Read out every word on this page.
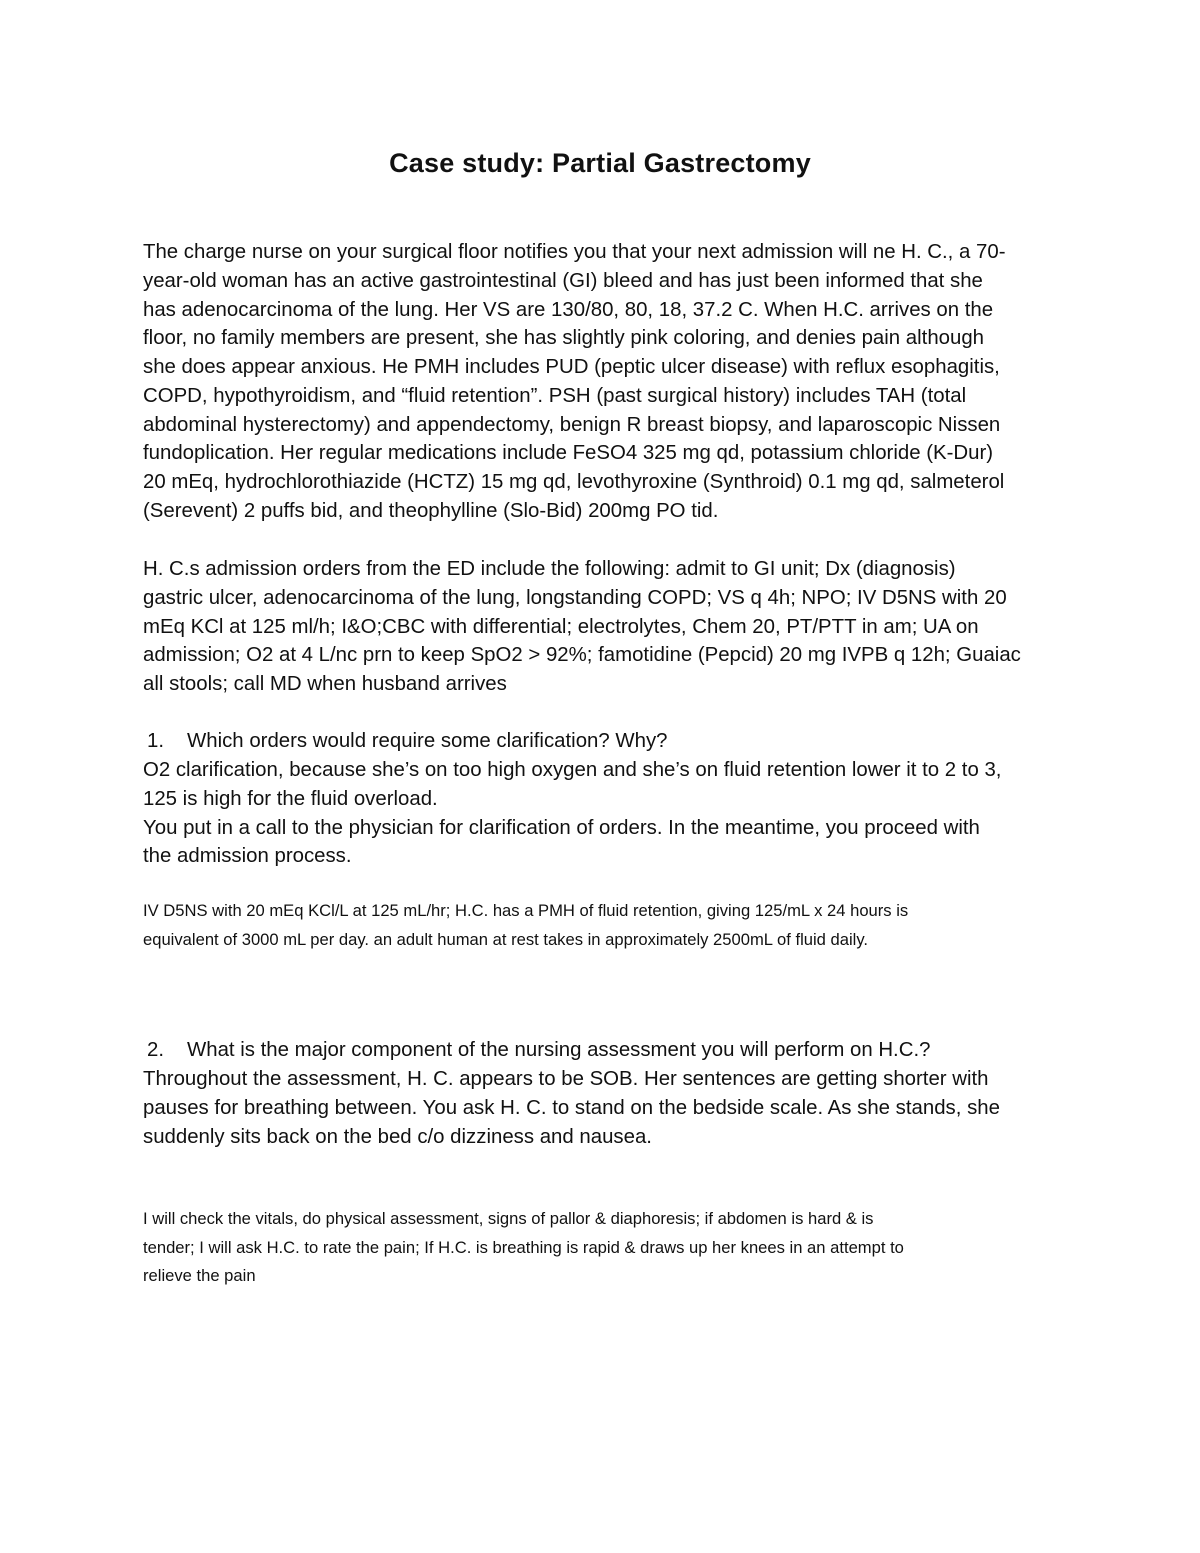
Case study: Partial Gastrectomy
The charge nurse on your surgical floor notifies you that your next admission will ne H. C., a 70-
year-old woman has an active gastrointestinal (GI) bleed and has just been informed that she
has adenocarcinoma of the lung. Her VS are 130/80, 80, 18, 37.2 C. When H.C. arrives on the
floor, no family members are present, she has slightly pink coloring, and denies pain although
she does appear anxious. He PMH includes PUD (peptic ulcer disease) with reflux esophagitis,
COPD, hypothyroidism, and “fluid retention”. PSH (past surgical history) includes TAH (total
abdominal hysterectomy) and appendectomy, benign R breast biopsy, and laparoscopic Nissen
fundoplication. Her regular medications include FeSO4 325 mg qd, potassium chloride (K-Dur)
20 mEq, hydrochlorothiazide (HCTZ) 15 mg qd, levothyroxine (Synthroid) 0.1 mg qd, salmeterol
(Serevent) 2 puffs bid, and theophylline (Slo-Bid) 200mg PO tid.
H. C.s admission orders from the ED include the following: admit to GI unit; Dx (diagnosis)
gastric ulcer, adenocarcinoma of the lung, longstanding COPD; VS q 4h; NPO; IV D5NS with 20
mEq KCl at 125 ml/h; I&O;CBC with differential; electrolytes, Chem 20, PT/PTT in am; UA on
admission; O2 at 4 L/nc prn to keep SpO2 > 92%; famotidine (Pepcid) 20 mg IVPB q 12h; Guaiac
all stools; call MD when husband arrives
1. Which orders would require some clarification? Why?
O2 clarification, because she’s on too high oxygen and she’s on fluid retention lower it to 2 to 3,
125 is high for the fluid overload.
You put in a call to the physician for clarification of orders. In the meantime, you proceed with
the admission process.
IV D5NS with 20 mEq KCl/L at 125 mL/hr; H.C. has a PMH of fluid retention, giving 125/mL x 24 hours is
equivalent of 3000 mL per day. an adult human at rest takes in approximately 2500mL of fluid daily.
2. What is the major component of the nursing assessment you will perform on H.C.?
Throughout the assessment, H. C. appears to be SOB. Her sentences are getting shorter with
pauses for breathing between. You ask H. C. to stand on the bedside scale. As she stands, she
suddenly sits back on the bed c/o dizziness and nausea.
I will check the vitals, do physical assessment, signs of pallor & diaphoresis; if abdomen is hard & is
tender; I will ask H.C. to rate the pain; If H.C. is breathing is rapid & draws up her knees in an attempt to
relieve the pain
